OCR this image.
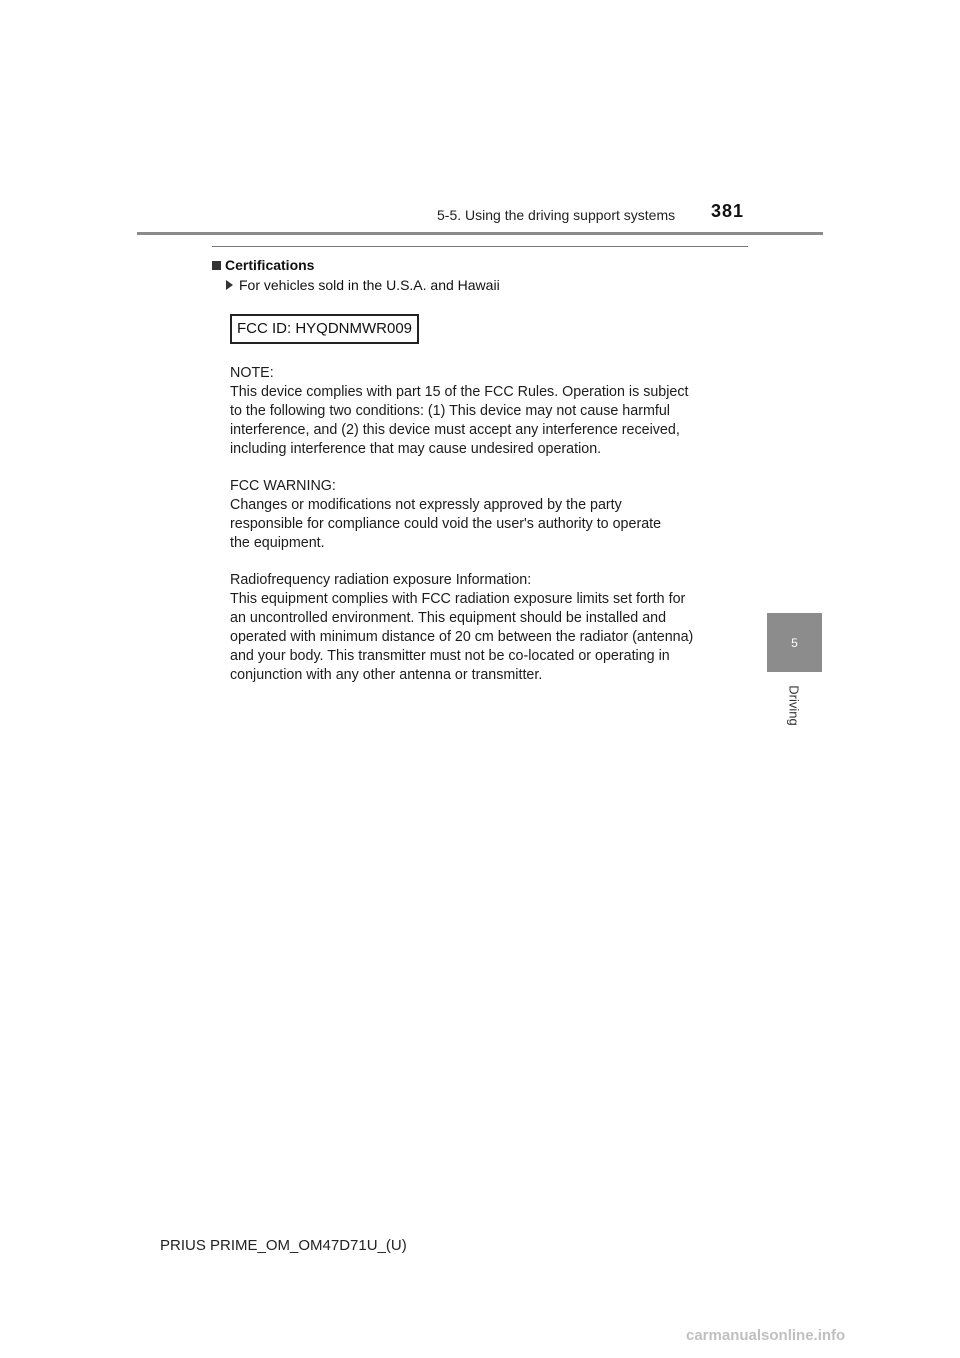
5-5. Using the driving support systems 381
Certifications
For vehicles sold in the U.S.A. and Hawaii
FCC ID: HYQDNMWR009

NOTE:
This device complies with part 15 of the FCC Rules. Operation is subject
to the following two conditions: (1) This device may not cause harmful
interference, and (2) this device must accept any interference received,
including interference that may cause undesired operation.

FCC WARNING:
Changes or modifications not expressly approved by the party
responsible for compliance could void the user's authority to operate
the equipment.

Radiofrequency radiation exposure Information:
This equipment complies with FCC radiation exposure limits set forth for
an uncontrolled environment. This equipment should be installed and
operated with minimum distance of 20 cm between the radiator (antenna)
and your body. This transmitter must not be co-located or operating in
conjunction with any other antenna or transmitter.

5
Driving
PRIUS PRIME_OM_OM47D71U_(U)
carmanualsonline.info
